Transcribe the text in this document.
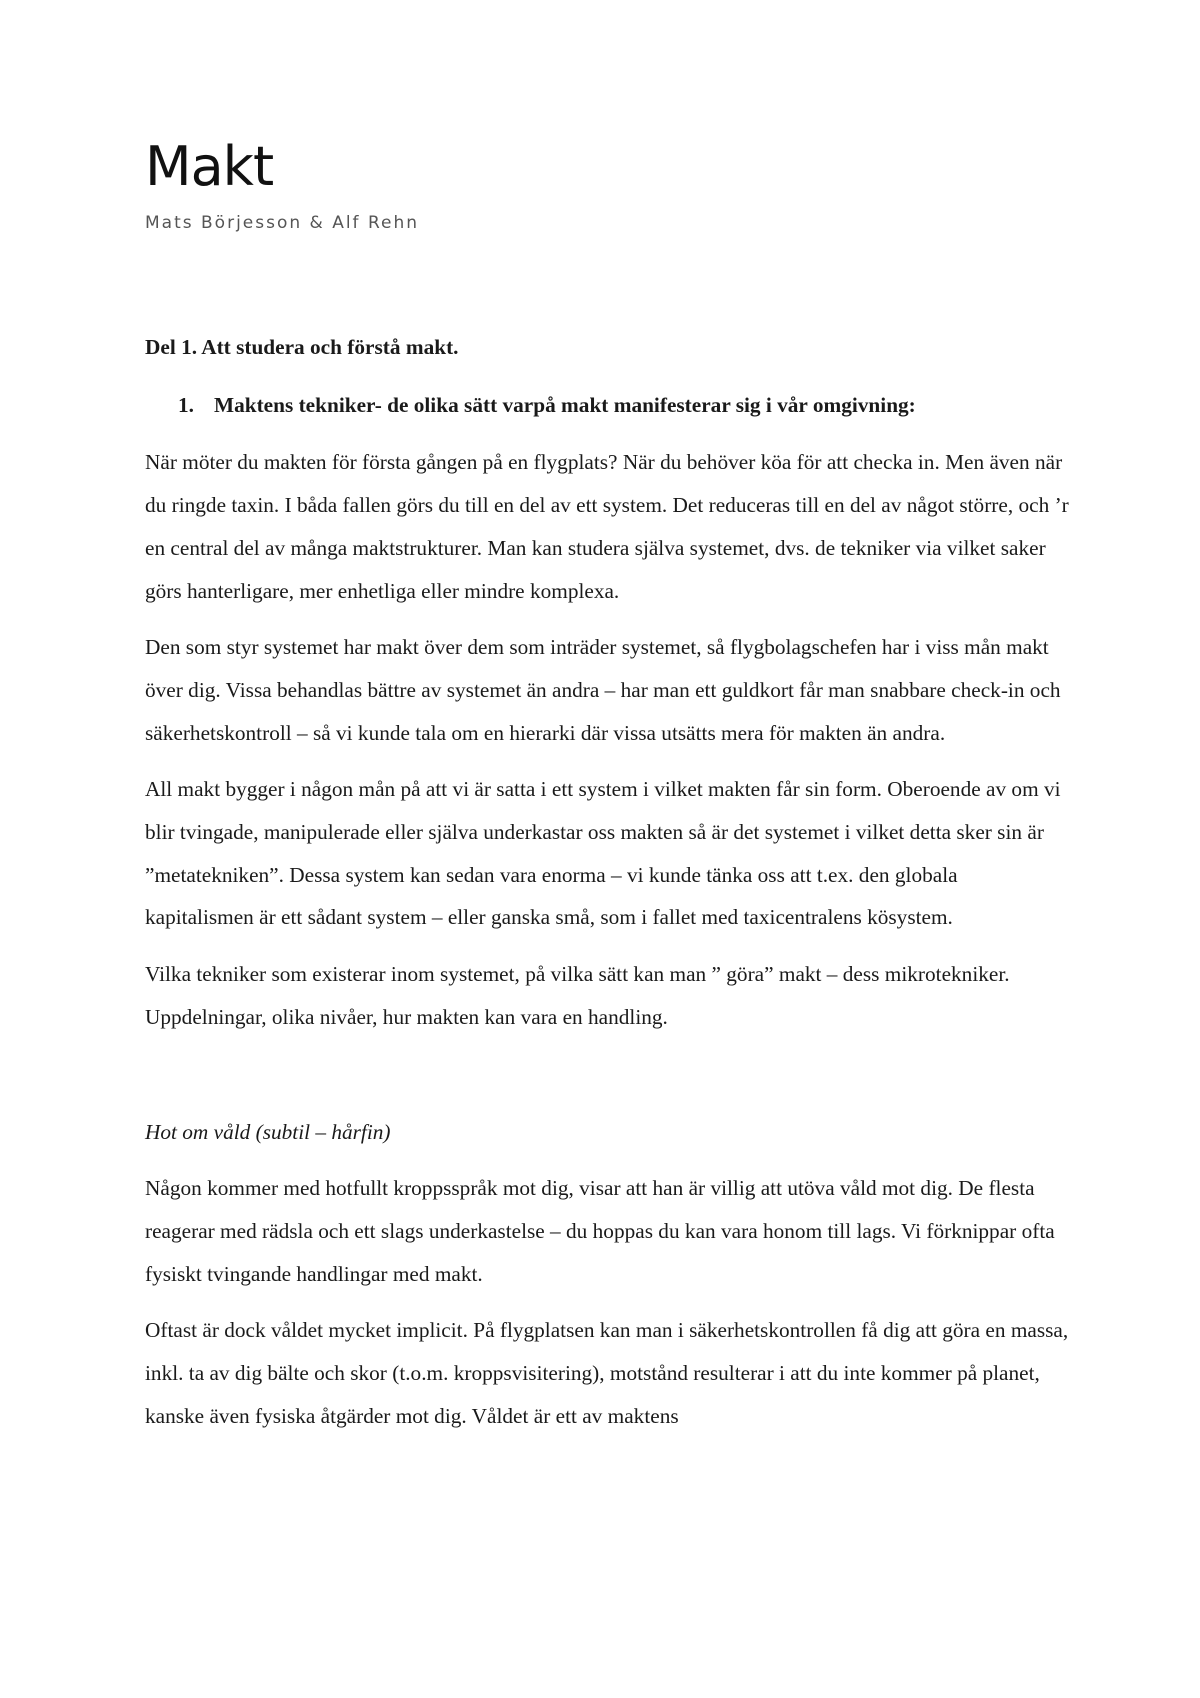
Makt

Mats Börjesson & Alf Rehn

Del 1. Att studera och förstå makt.

1. Maktens tekniker- de olika sätt varpå makt manifesterar sig i vår omgivning:

När möter du makten för första gången på en flygplats? När du behöver köa för att checka in. Men även när du ringde taxin. I båda fallen görs du till en del av ett system. Det reduceras till en del av något större, och ’r en central del av många maktstrukturer. Man kan studera själva systemet, dvs. de tekniker via vilket saker görs hanterligare, mer enhetliga eller mindre komplexa.

Den som styr systemet har makt över dem som inträder systemet, så flygbolagschefen har i viss mån makt över dig. Vissa behandlas bättre av systemet än andra – har man ett guldkort får man snabbare check-in och säkerhetskontroll – så vi kunde tala om en hierarki där vissa utsätts mera för makten än andra.

All makt bygger i någon mån på att vi är satta i ett system i vilket makten får sin form. Oberoende av om vi blir tvingade, manipulerade eller själva underkastar oss makten så är det systemet i vilket detta sker sin är ”metatekniken”. Dessa system kan sedan vara enorma – vi kunde tänka oss att t.ex. den globala kapitalismen är ett sådant system – eller ganska små, som i fallet med taxicentralens kösystem.

Vilka tekniker som existerar inom systemet, på vilka sätt kan man ” göra” makt – dess mikrotekniker. Uppdelningar, olika nivåer, hur makten kan vara en handling.

Hot om våld (subtil – hårfin)

Någon kommer med hotfullt kroppsspråk mot dig, visar att han är villig att utöva våld mot dig. De flesta reagerar med rädsla och ett slags underkastelse – du hoppas du kan vara honom till lags. Vi förknippar ofta fysiskt tvingande handlingar med makt.

Oftast är dock våldet mycket implicit. På flygplatsen kan man i säkerhetskontrollen få dig att göra en massa, inkl. ta av dig bälte och skor (t.o.m. kroppsvisitering), motstånd resulterar i att du inte kommer på planet, kanske även fysiska åtgärder mot dig. Våldet är ett av maktens
